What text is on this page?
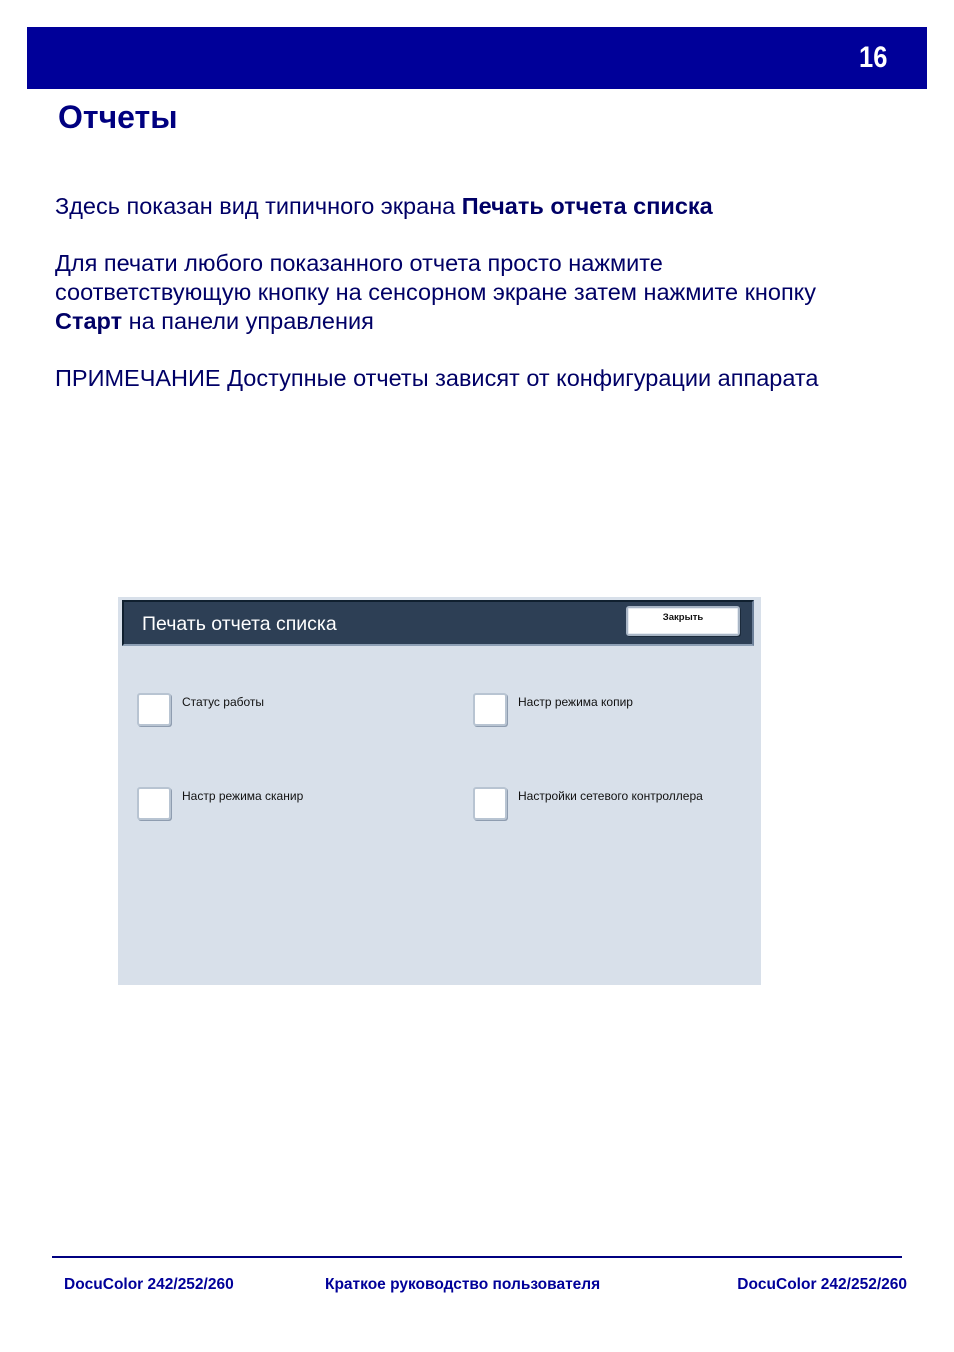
16
Отчеты
Здесь показан вид типичного экрана Печать отчета списка
Для печати любого показанного отчета просто нажмите соответствующую кнопку на сенсорном экране затем нажмите кнопку Старт на панели управления
ПРИМЕЧАНИЕ Доступные отчеты зависят от конфигурации аппарата
Печать отчета списка	Закрыть
Статус работы	Настр режима копир
Настр режима сканир	Настройки сетевого контроллера
DocuColor 242/252/260	Краткое руководство пользователя	DocuColor 242/252/260
